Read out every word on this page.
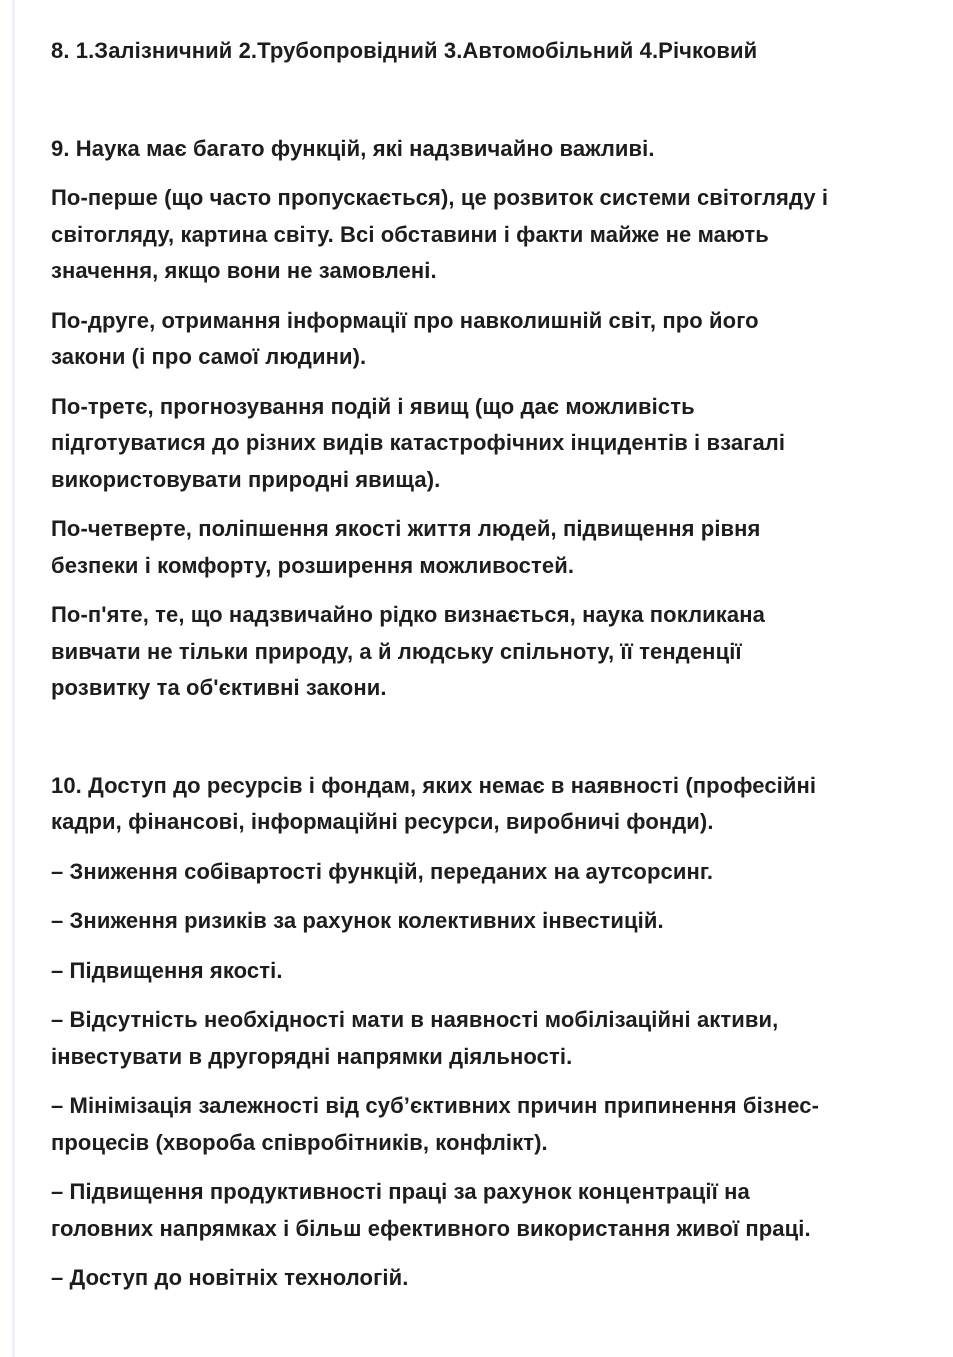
8. 1.Залізничний 2.Трубопровідний 3.Автомобільний 4.Річковий

9. Наука має багато функцій, які надзвичайно важливі.

По-перше (що часто пропускається), це розвиток системи світогляду і
світогляду, картина світу. Всі обставини і факти майже не мають
значення, якщо вони не замовлені.

По-друге, отримання інформації про навколишній світ, про його
закони (і про самої людини).

По-третє, прогнозування подій і явищ (що дає можливість
підготуватися до різних видів катастрофічних інцидентів і взагалі
використовувати природні явища).

По-четверте, поліпшення якості життя людей, підвищення рівня
безпеки і комфорту, розширення можливостей.

По-п'яте, те, що надзвичайно рідко визнається, наука покликана
вивчати не тільки природу, а й людську спільноту, її тенденції
розвитку та об'єктивні закони.

10. Доступ до ресурсів і фондам, яких немає в наявності (професійні
кадри, фінансові, інформаційні ресурси, виробничі фонди).

– Зниження собівартості функцій, переданих на аутсорсинг.

– Зниження ризиків за рахунок колективних інвестицій.

– Підвищення якості.

– Відсутність необхідності мати в наявності мобілізаційні активи,
інвестувати в другорядні напрямки діяльності.

– Мінімізація залежності від суб’єктивних причин припинення бізнес-
процесів (хвороба співробітників, конфлікт).

– Підвищення продуктивності праці за рахунок концентрації на
головних напрямках і більш ефективного використання живої праці.

– Доступ до новітніх технологій.
